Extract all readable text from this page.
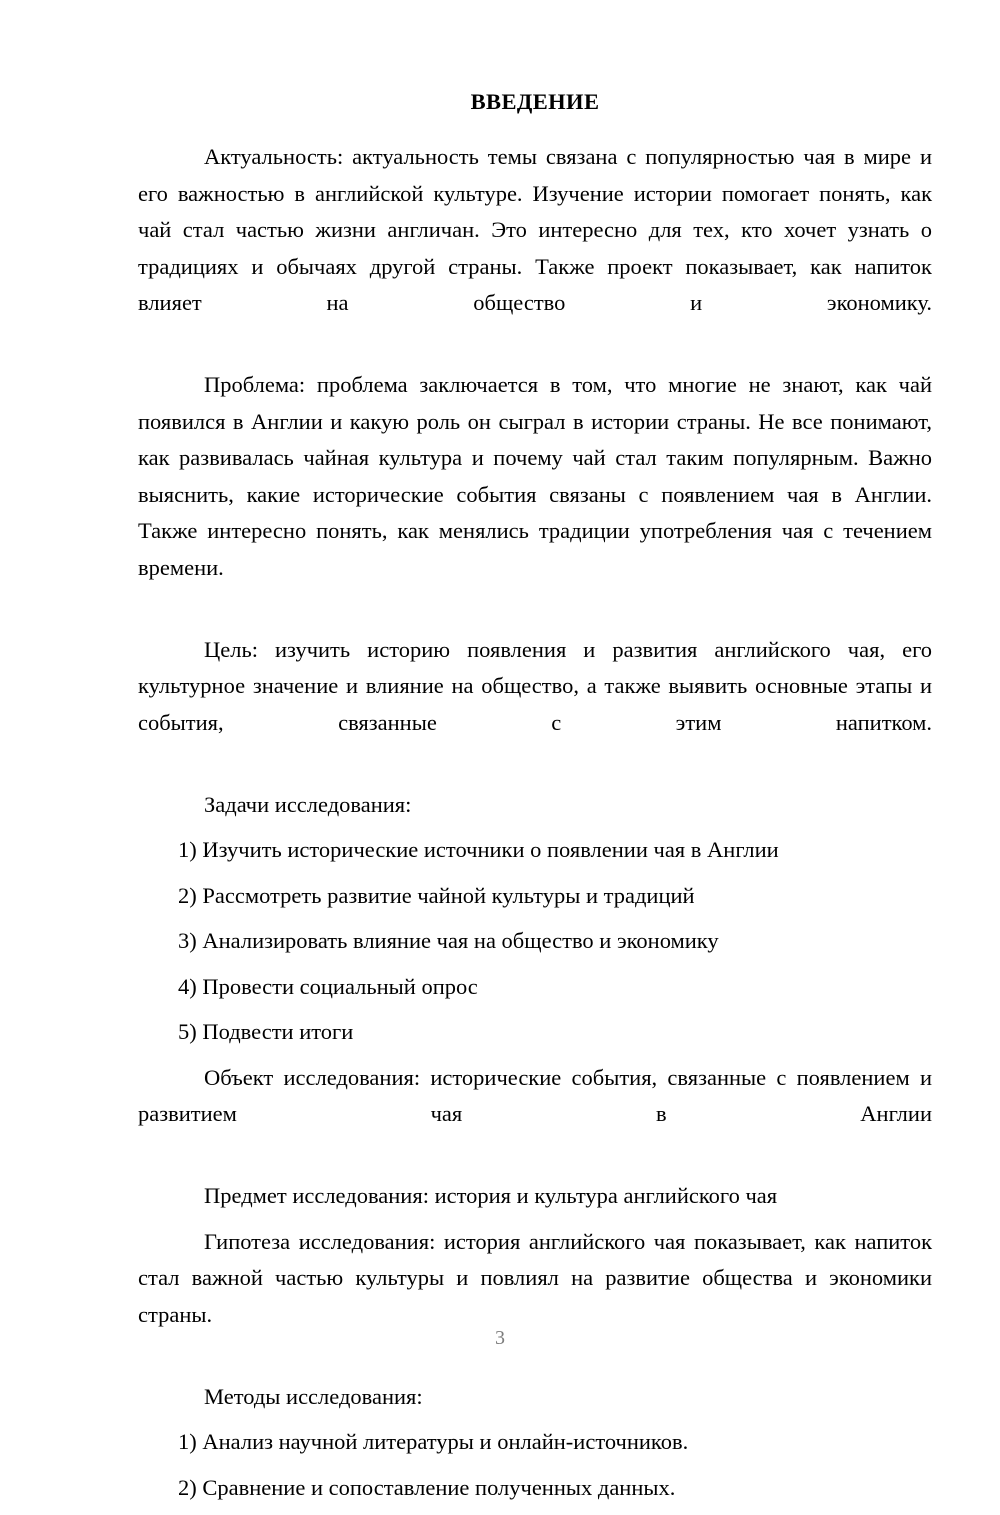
ВВЕДЕНИЕ

Актуальность: актуальность темы связана с популярностью чая в мире и его важностью в английской культуре. Изучение истории помогает понять, как чай стал частью жизни англичан. Это интересно для тех, кто хочет узнать о традициях и обычаях другой страны. Также проект показывает, как напиток влияет на общество и экономику.

Проблема: проблема заключается в том, что многие не знают, как чай появился в Англии и какую роль он сыграл в истории страны. Не все понимают, как развивалась чайная культура и почему чай стал таким популярным. Важно выяснить, какие исторические события связаны с появлением чая в Англии. Также интересно понять, как менялись традиции употребления чая с течением времени.

Цель: изучить историю появления и развития английского чая, его культурное значение и влияние на общество, а также выявить основные этапы и события, связанные с этим напитком.

Задачи исследования:

1) Изучить исторические источники о появлении чая в Англии
2) Рассмотреть развитие чайной культуры и традиций
3) Анализировать влияние чая на общество и экономику
4) Провести социальный опрос
5) Подвести итоги

Объект исследования: исторические события, связанные с появлением и развитием чая в Англии

Предмет исследования: история и культура английского чая

Гипотеза исследования: история английского чая показывает, как напиток стал важной частью культуры и повлиял на развитие общества и экономики страны.

Методы исследования:

1) Анализ научной литературы и онлайн-источников.
2) Сравнение и сопоставление полученных данных.
3
